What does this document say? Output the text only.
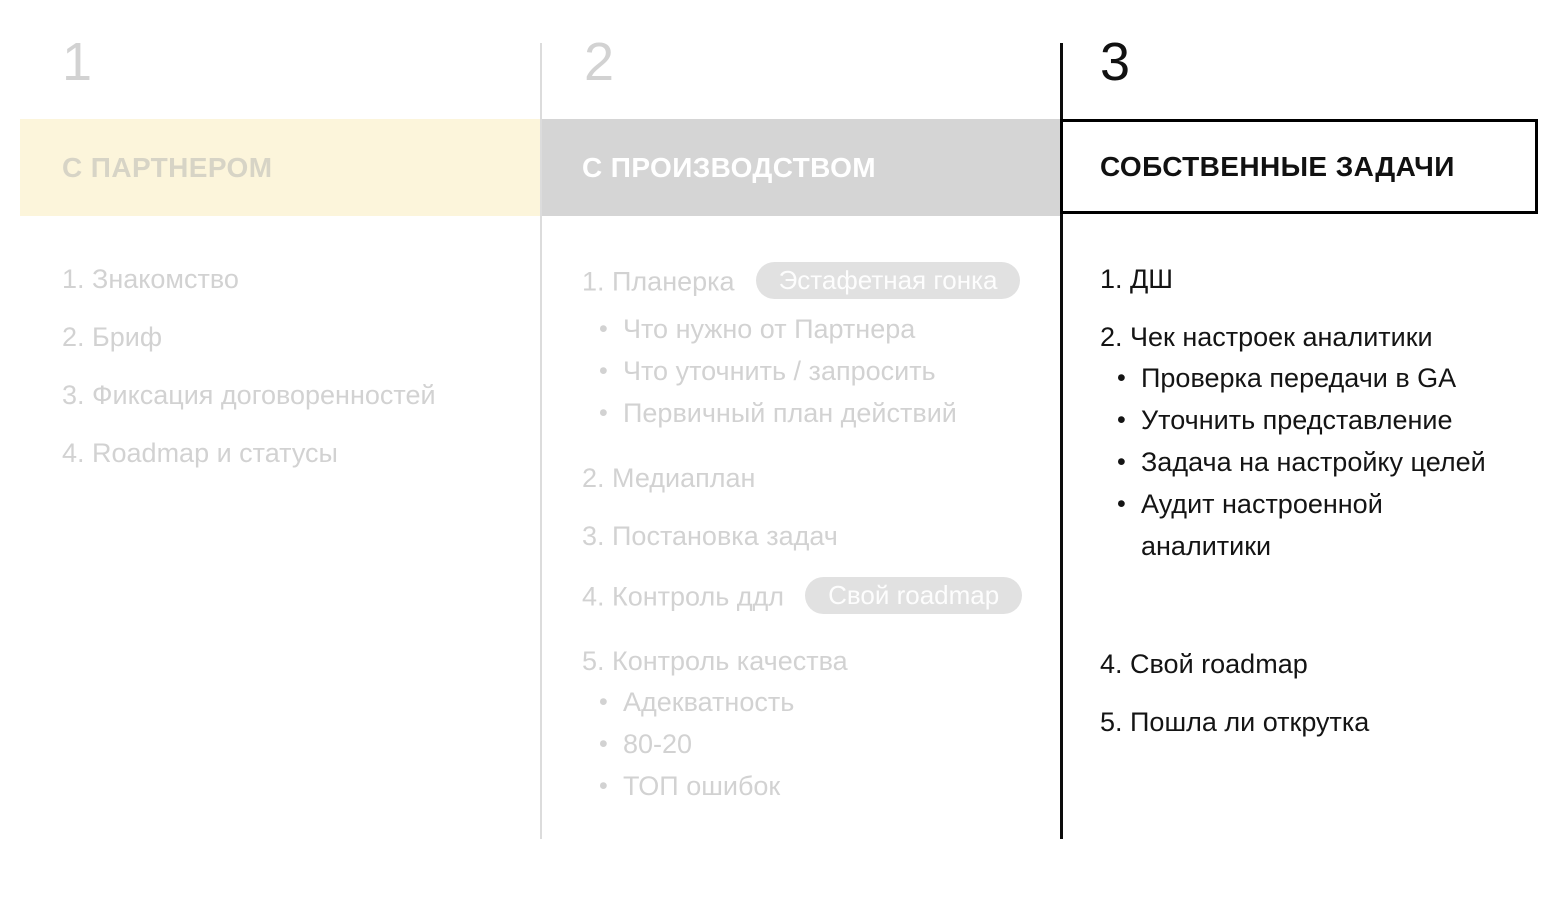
1
С ПАРТНЕРОМ
1. Знакомство
2. Бриф
3. Фиксация договоренностей
4. Roadmap и статусы
2
С ПРОИЗВОДСТВОМ
1. Планерка Эстафетная гонка
• Что нужно от Партнера
• Что уточнить / запросить
• Первичный план действий
2. Медиаплан
3. Постановка задач
4. Контроль ддл Свой roadmap
5. Контроль качества
• Адекватность
• 80-20
• ТОП ошибок
3
СОБСТВЕННЫЕ ЗАДАЧИ
1. ДШ
2. Чек настроек аналитики
• Проверка передачи в GA
• Уточнить представление
• Задача на настройку целей
• Аудит настроенной аналитики
4. Свой roadmap
5. Пошла ли открутка
